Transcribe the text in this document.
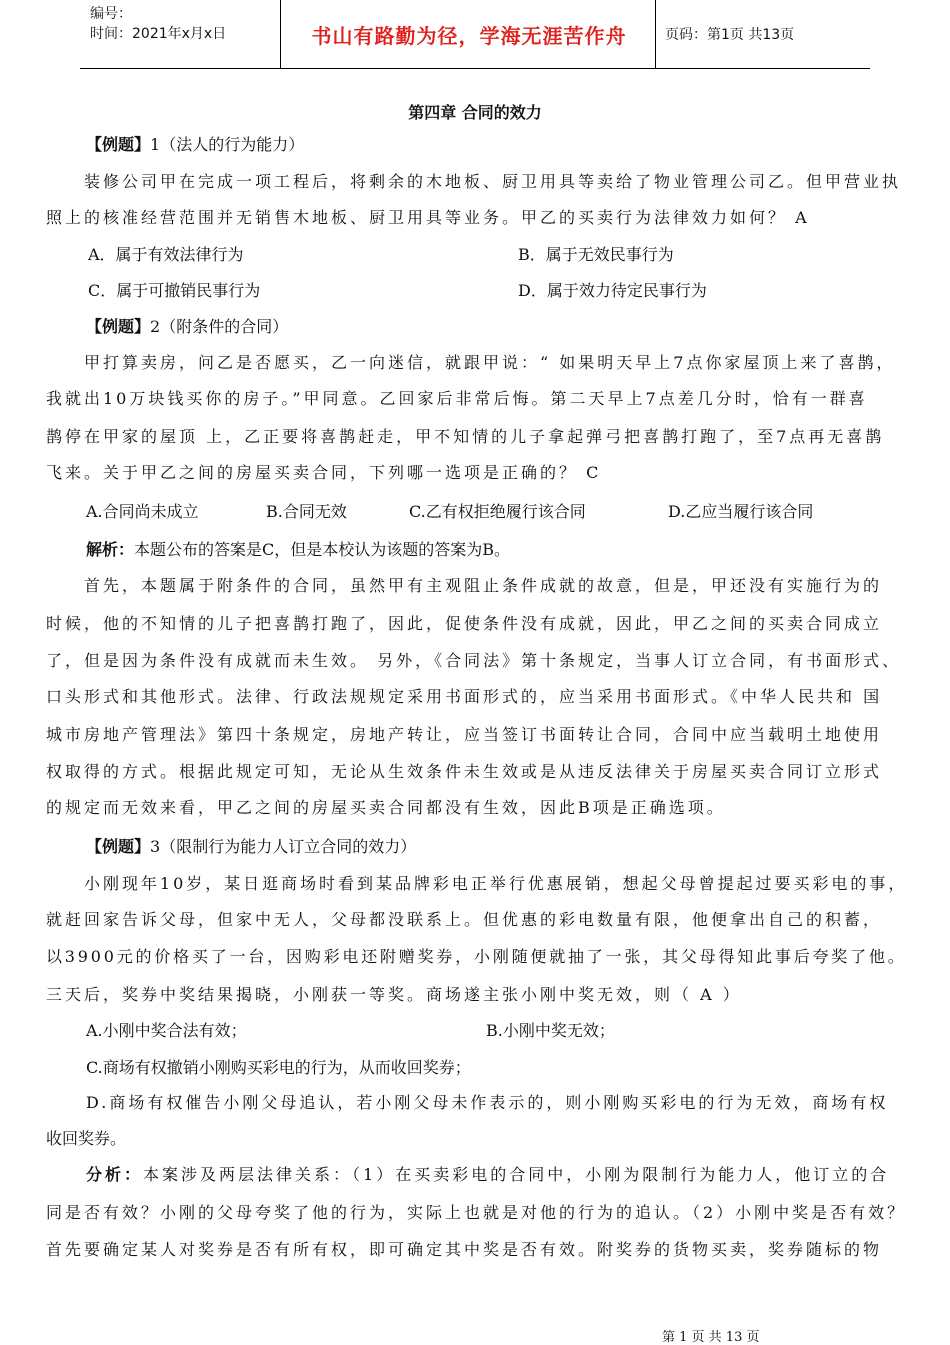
编号：
时间：2021年x月x日	书山有路勤为径，学海无涯苦作舟	页码：第1页 共13页
第四章 合同的效力
【例题】1（法人的行为能力）
装修公司甲在完成一项工程后，将剩余的木地板、厨卫用具等卖给了物业管理公司乙。但甲营业执
照上的核准经营范围并无销售木地板、厨卫用具等业务。甲乙的买卖行为法律效力如何？ A
A．属于有效法律行为	B．属于无效民事行为
C．属于可撤销民事行为	D．属于效力待定民事行为
【例题】2（附条件的合同）
甲打算卖房，问乙是否愿买，乙一向迷信，就跟甲说：“ 如果明天早上7点你家屋顶上来了喜鹊，
我就出10万块钱买你的房子。”甲同意。乙回家后非常后悔。第二天早上7点差几分时，恰有一群喜
鹊停在甲家的屋顶 上，乙正要将喜鹊赶走，甲不知情的儿子拿起弹弓把喜鹊打跑了，至7点再无喜鹊
飞来。关于甲乙之间的房屋买卖合同，下列哪一选项是正确的？ C
A.合同尚未成立	B.合同无效	C.乙有权拒绝履行该合同	D.乙应当履行该合同
解析：本题公布的答案是C，但是本校认为该题的答案为B。
首先，本题属于附条件的合同，虽然甲有主观阻止条件成就的故意，但是，甲还没有实施行为的
时候，他的不知情的儿子把喜鹊打跑了，因此，促使条件没有成就，因此，甲乙之间的买卖合同成立
了，但是因为条件没有成就而未生效。 另外，《合同法》第十条规定，当事人订立合同，有书面形式、
口头形式和其他形式。法律、行政法规规定采用书面形式的，应当采用书面形式。《中华人民共和 国
城市房地产管理法》第四十条规定，房地产转让，应当签订书面转让合同，合同中应当载明土地使用
权取得的方式。根据此规定可知，无论从生效条件未生效或是从违反法律关于房屋买卖合同订立形式
的规定而无效来看，甲乙之间的房屋买卖合同都没有生效，因此B项是正确选项。
【例题】3（限制行为能力人订立合同的效力）
小刚现年10岁，某日逛商场时看到某品牌彩电正举行优惠展销，想起父母曾提起过要买彩电的事，
就赶回家告诉父母，但家中无人，父母都没联系上。但优惠的彩电数量有限，他便拿出自己的积蓄，
以3900元的价格买了一台，因购彩电还附赠奖券，小刚随便就抽了一张，其父母得知此事后夸奖了他。
三天后，奖券中奖结果揭晓，小刚获一等奖。商场遂主张小刚中奖无效，则（ A ）
A.小刚中奖合法有效；	B.小刚中奖无效；
C.商场有权撤销小刚购买彩电的行为，从而收回奖券；
D.商场有权催告小刚父母追认，若小刚父母未作表示的，则小刚购买彩电的行为无效，商场有权
收回奖券。
分析：本案涉及两层法律关系：（1）在买卖彩电的合同中，小刚为限制行为能力人，他订立的合
同是否有效？小刚的父母夸奖了他的行为，实际上也就是对他的行为的追认。（2）小刚中奖是否有效？
首先要确定某人对奖券是否有所有权，即可确定其中奖是否有效。附奖券的货物买卖，奖券随标的物
第 1 页 共 13 页
